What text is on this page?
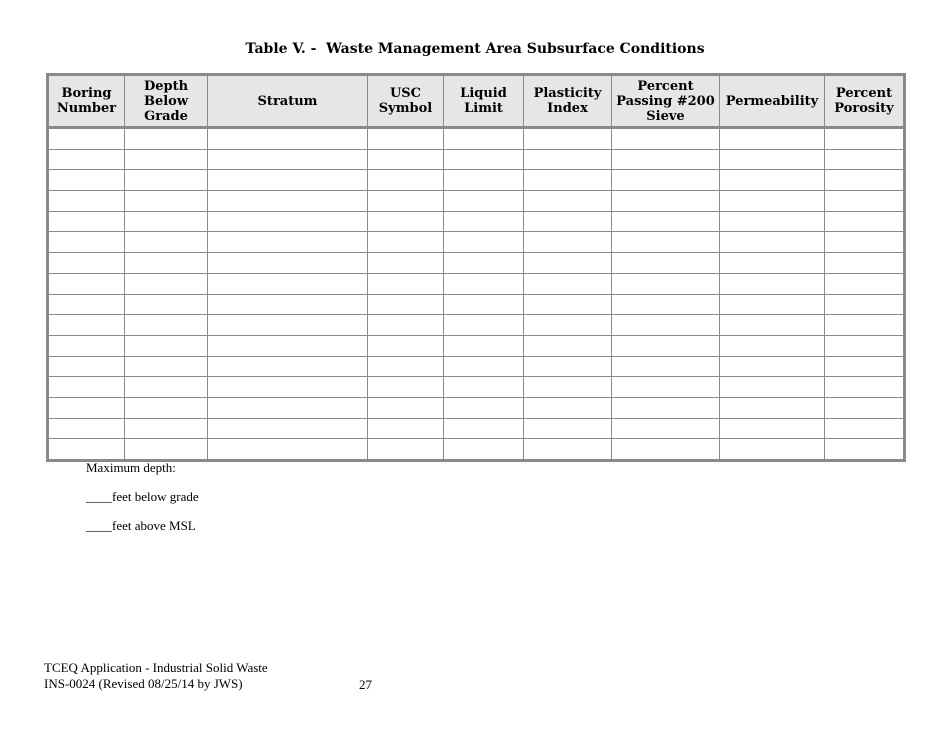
Table V. -  Waste Management Area Subsurface Conditions
Boring
Number	Depth
Below
Grade	Stratum	USC
Symbol	Liquid
Limit	Plasticity
Index	Percent
Passing #200
Sieve	Permeability	Percent
Porosity

Maximum depth:
____feet below grade
____feet above MSL
TCEQ Application - Industrial Solid Waste
INS-0024 (Revised 08/25/14 by JWS)	27
